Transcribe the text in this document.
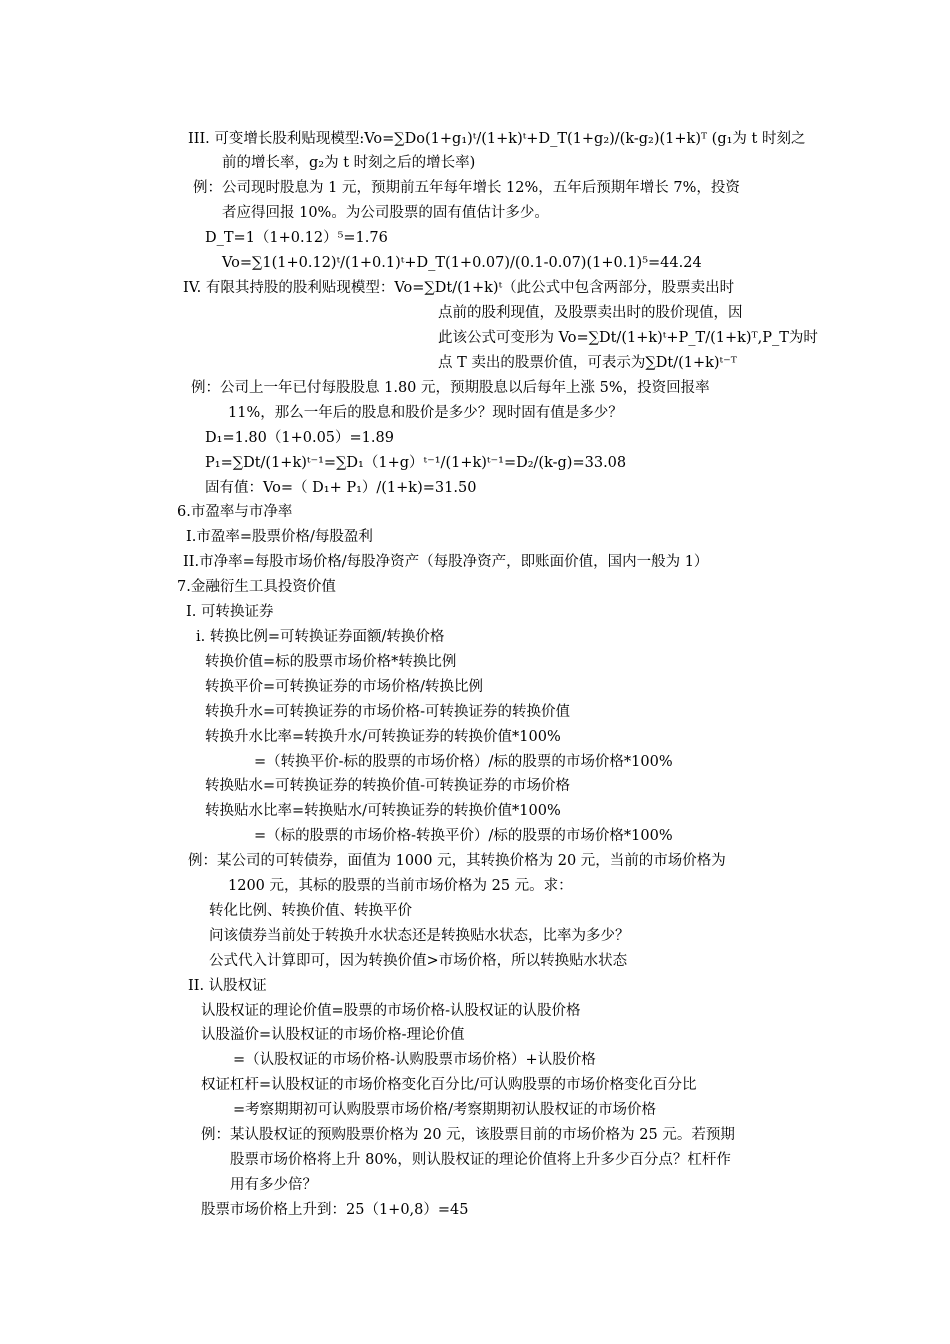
III. 可变增长股利贴现模型:Vo=∑Do(1+g₁)ᵗ/(1+k)ᵗ+D_T(1+g₂)/(k-g₂)(1+k)ᵀ (g₁为 t 时刻之
前的增长率，g₂为 t 时刻之后的增长率)
例：公司现时股息为 1 元，预期前五年每年增长 12%，五年后预期年增长 7%，投资
者应得回报 10%。为公司股票的固有值估计多少。
D_T=1（1+0.12）⁵=1.76
Vo=∑1(1+0.12)ᵗ/(1+0.1)ᵗ+D_T(1+0.07)/(0.1-0.07)(1+0.1)⁵=44.24
IV. 有限其持股的股利贴现模型：Vo=∑Dt/(1+k)ᵗ（此公式中包含两部分，股票卖出时
点前的股利现值，及股票卖出时的股价现值，因
此该公式可变形为 Vo=∑Dt/(1+k)ᵗ+P_T/(1+k)ᵀ,P_T为时
点 T 卖出的股票价值，可表示为∑Dt/(1+k)ᵗ⁻ᵀ
例：公司上一年已付每股股息 1.80 元，预期股息以后每年上涨 5%，投资回报率
11%，那么一年后的股息和股价是多少？现时固有值是多少？
D₁=1.80（1+0.05）=1.89
P₁=∑Dt/(1+k)ᵗ⁻¹=∑D₁（1+g）ᵗ⁻¹/(1+k)ᵗ⁻¹=D₂/(k-g)=33.08
固有值：Vo=（ D₁+ P₁）/(1+k)=31.50
6.市盈率与市净率
I.市盈率=股票价格/每股盈利
II.市净率=每股市场价格/每股净资产（每股净资产，即账面价值，国内一般为 1）
7.金融衍生工具投资价值
I. 可转换证券
i. 转换比例=可转换证券面额/转换价格
转换价值=标的股票市场价格*转换比例
转换平价=可转换证券的市场价格/转换比例
转换升水=可转换证券的市场价格-可转换证券的转换价值
转换升水比率=转换升水/可转换证券的转换价值*100%
=（转换平价-标的股票的市场价格）/标的股票的市场价格*100%
转换贴水=可转换证券的转换价值-可转换证券的市场价格
转换贴水比率=转换贴水/可转换证券的转换价值*100%
=（标的股票的市场价格-转换平价）/标的股票的市场价格*100%
例：某公司的可转债券，面值为 1000 元，其转换价格为 20 元，当前的市场价格为
1200 元，其标的股票的当前市场价格为 25 元。求：
转化比例、转换价值、转换平价
问该债券当前处于转换升水状态还是转换贴水状态，比率为多少？
公式代入计算即可，因为转换价值>市场价格，所以转换贴水状态
II. 认股权证
认股权证的理论价值=股票的市场价格-认股权证的认股价格
认股溢价=认股权证的市场价格-理论价值
=（认股权证的市场价格-认购股票市场价格）+认股价格
权证杠杆=认股权证的市场价格变化百分比/可认购股票的市场价格变化百分比
=考察期期初可认购股票市场价格/考察期期初认股权证的市场价格
例：某认股权证的预购股票价格为 20 元，该股票目前的市场价格为 25 元。若预期
股票市场价格将上升 80%，则认股权证的理论价值将上升多少百分点？杠杆作
用有多少倍？
股票市场价格上升到：25（1+0,8）=45
